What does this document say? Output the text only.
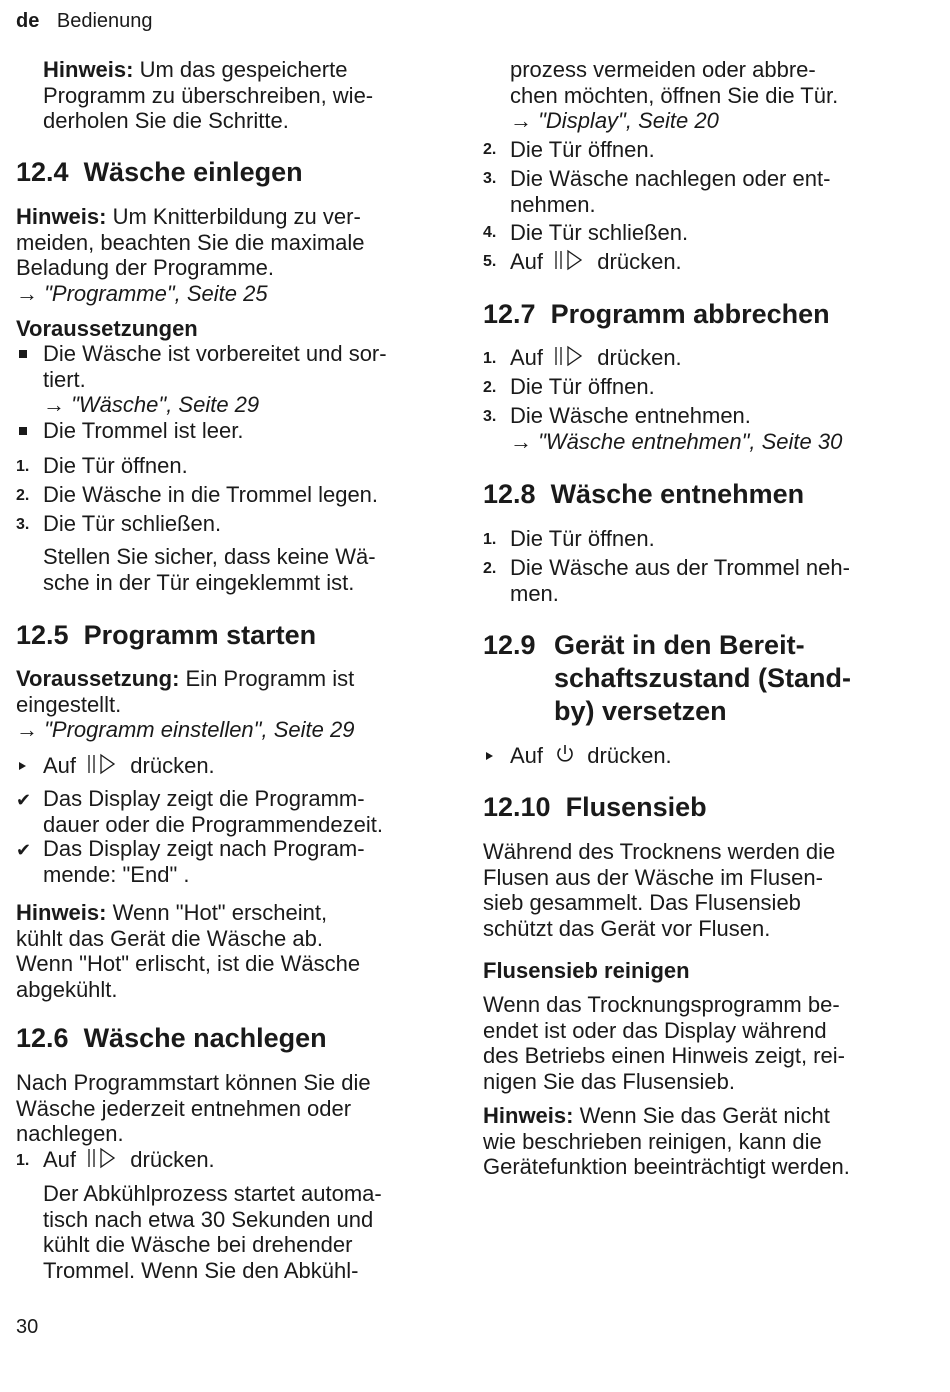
de Bedienung
Hinweis: Um das gespeicherte
Programm zu überschreiben, wie-
derholen Sie die Schritte.
12.4 Wäsche einlegen
Hinweis: Um Knitterbildung zu ver-
meiden, beachten Sie die maximale
Beladung der Programme.
→ "Programme", Seite 25
Voraussetzungen
Die Wäsche ist vorbereitet und sor-
tiert.
→ "Wäsche", Seite 29
Die Trommel ist leer.
1. Die Tür öffnen.
2. Die Wäsche in die Trommel legen.
3. Die Tür schließen.
Stellen Sie sicher, dass keine Wä-
sche in der Tür eingeklemmt ist.
12.5 Programm starten
Voraussetzung: Ein Programm ist
eingestellt.
→ "Programm einstellen", Seite 29
Auf drücken.
✔ Das Display zeigt die Programm-
dauer oder die Programmendezeit.
✔ Das Display zeigt nach Program-
mende: "End" .
Hinweis: Wenn "Hot" erscheint,
kühlt das Gerät die Wäsche ab.
Wenn "Hot" erlischt, ist die Wäsche
abgekühlt.
12.6 Wäsche nachlegen
Nach Programmstart können Sie die
Wäsche jederzeit entnehmen oder
nachlegen.
1. Auf drücken.
Der Abkühlprozess startet automa-
tisch nach etwa 30 Sekunden und
kühlt die Wäsche bei drehender
Trommel. Wenn Sie den Abkühl-
prozess vermeiden oder abbre-
chen möchten, öffnen Sie die Tür.
→ "Display", Seite 20
2. Die Tür öffnen.
3. Die Wäsche nachlegen oder ent-
nehmen.
4. Die Tür schließen.
5. Auf drücken.
12.7 Programm abbrechen
1. Auf drücken.
2. Die Tür öffnen.
3. Die Wäsche entnehmen.
→ "Wäsche entnehmen", Seite 30
12.8 Wäsche entnehmen
1. Die Tür öffnen.
2. Die Wäsche aus der Trommel neh-
men.
12.9 Gerät in den Bereit-
schaftszustand (Stand-
by) versetzen
Auf drücken.
12.10 Flusensieb
Während des Trocknens werden die
Flusen aus der Wäsche im Flusen-
sieb gesammelt. Das Flusensieb
schützt das Gerät vor Flusen.
Flusensieb reinigen
Wenn das Trocknungsprogramm be-
endet ist oder das Display während
des Betriebs einen Hinweis zeigt, rei-
nigen Sie das Flusensieb.
Hinweis: Wenn Sie das Gerät nicht
wie beschrieben reinigen, kann die
Gerätefunktion beeinträchtigt werden.
30
